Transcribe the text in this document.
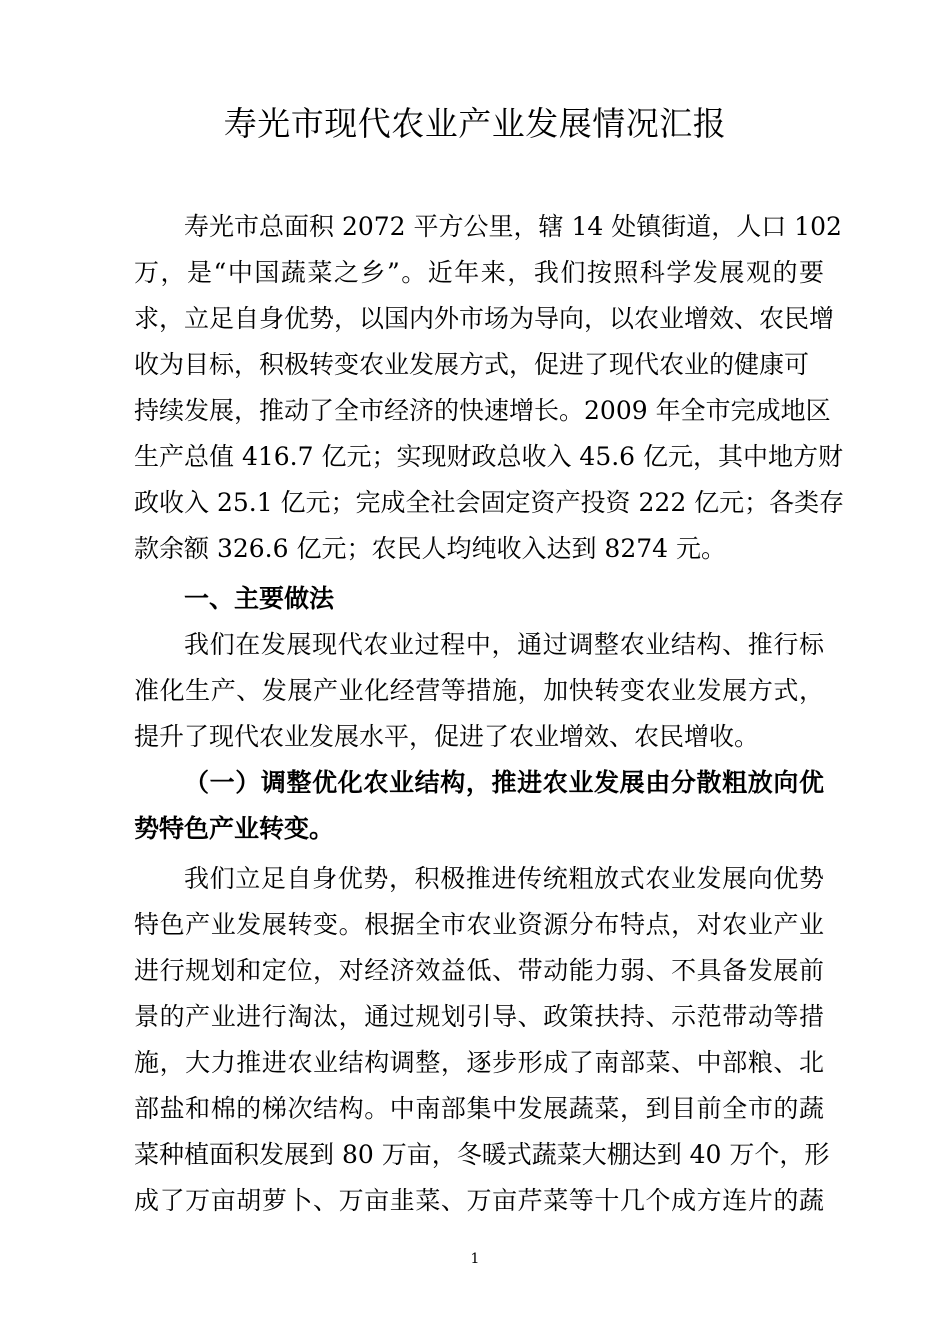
寿光市现代农业产业发展情况汇报
寿光市总面积 2072 平方公里，辖 14 处镇街道，人口 102
万，是“中国蔬菜之乡”。近年来，我们按照科学发展观的要
求，立足自身优势，以国内外市场为导向，以农业增效、农民增
收为目标，积极转变农业发展方式，促进了现代农业的健康可
持续发展，推动了全市经济的快速增长。2009 年全市完成地区
生产总值 416.7 亿元；实现财政总收入 45.6 亿元，其中地方财
政收入 25.1 亿元；完成全社会固定资产投资 222 亿元；各类存
款余额 326.6 亿元；农民人均纯收入达到 8274 元。
一、主要做法
我们在发展现代农业过程中，通过调整农业结构、推行标
准化生产、发展产业化经营等措施，加快转变农业发展方式，
提升了现代农业发展水平，促进了农业增效、农民增收。
（一）调整优化农业结构，推进农业发展由分散粗放向优
势特色产业转变。
我们立足自身优势，积极推进传统粗放式农业发展向优势
特色产业发展转变。根据全市农业资源分布特点，对农业产业
进行规划和定位，对经济效益低、带动能力弱、不具备发展前
景的产业进行淘汰，通过规划引导、政策扶持、示范带动等措
施，大力推进农业结构调整，逐步形成了南部菜、中部粮、北
部盐和棉的梯次结构。中南部集中发展蔬菜，到目前全市的蔬
菜种植面积发展到 80 万亩，冬暖式蔬菜大棚达到 40 万个，形
成了万亩胡萝卜、万亩韭菜、万亩芹菜等十几个成方连片的蔬
1
